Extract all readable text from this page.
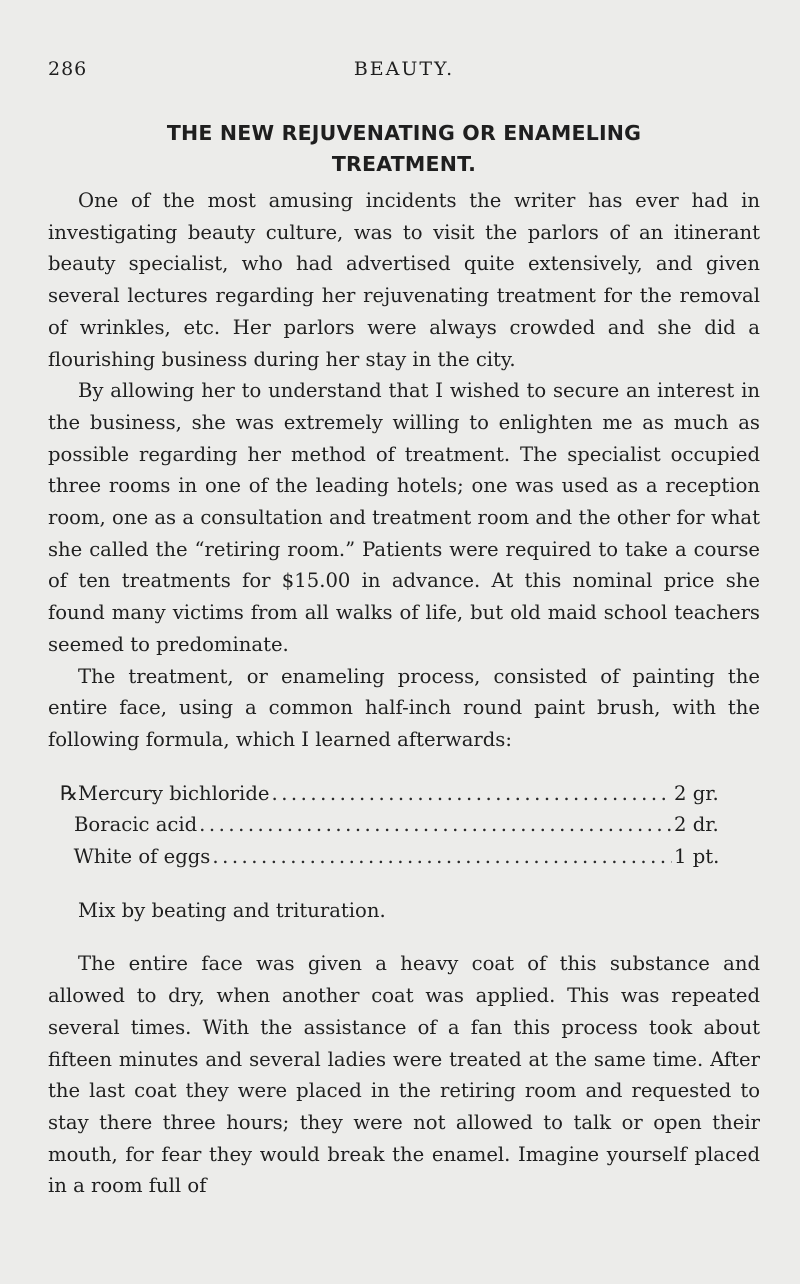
286	BEAUTY.
THE NEW REJUVENATING OR ENAMELING
TREATMENT.

One of the most amusing incidents the writer has ever had in investigating beauty culture, was to visit the parlors of an itinerant beauty specialist, who had advertised quite extensively, and given several lectures regarding her rejuvenating treatment for the removal of wrinkles, etc. Her parlors were always crowded and she did a flourishing business during her stay in the city.

By allowing her to understand that I wished to secure an interest in the business, she was extremely willing to enlighten me as much as possible regarding her method of treatment. The specialist occupied three rooms in one of the leading hotels; one was used as a reception room, one as a consultation and treatment room and the other for what she called the “retiring room.” Patients were required to take a course of ten treatments for $15.00 in advance. At this nominal price she found many victims from all walks of life, but old maid school teachers seemed to predominate.

The treatment, or enameling process, consisted of painting the entire face, using a common half-inch round paint brush, with the following formula, which I learned afterwards:

℞ Mercury bichloride .....	2 gr.
Boracic acid .....	2 dr.
White of eggs .....	1 pt.

Mix by beating and trituration.

The entire face was given a heavy coat of this substance and allowed to dry, when another coat was applied. This was repeated several times. With the assistance of a fan this process took about fifteen minutes and several ladies were treated at the same time. After the last coat they were placed in the retiring room and requested to stay there three hours; they were not allowed to talk or open their mouth, for fear they would break the enamel. Imagine yourself placed in a room full of
